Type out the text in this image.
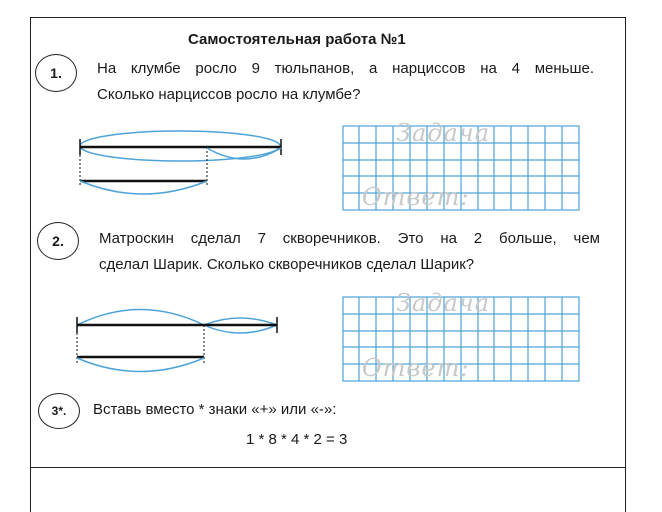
Самостоятельная работа №1
1.	На клумбе росло 9 тюльпанов, а нарциссов на 4 меньше.
Сколько нарциссов росло на клумбе?
2.	Матроскин сделал 7 скворечников. Это на 2 больше, чем
сделал Шарик. Сколько скворечников сделал Шарик?
3*.	Вставь вместо * знаки «+» или «-»:
1 * 8 * 4 * 2 = 3
Задача
Ответ:
Задача
Ответ:
